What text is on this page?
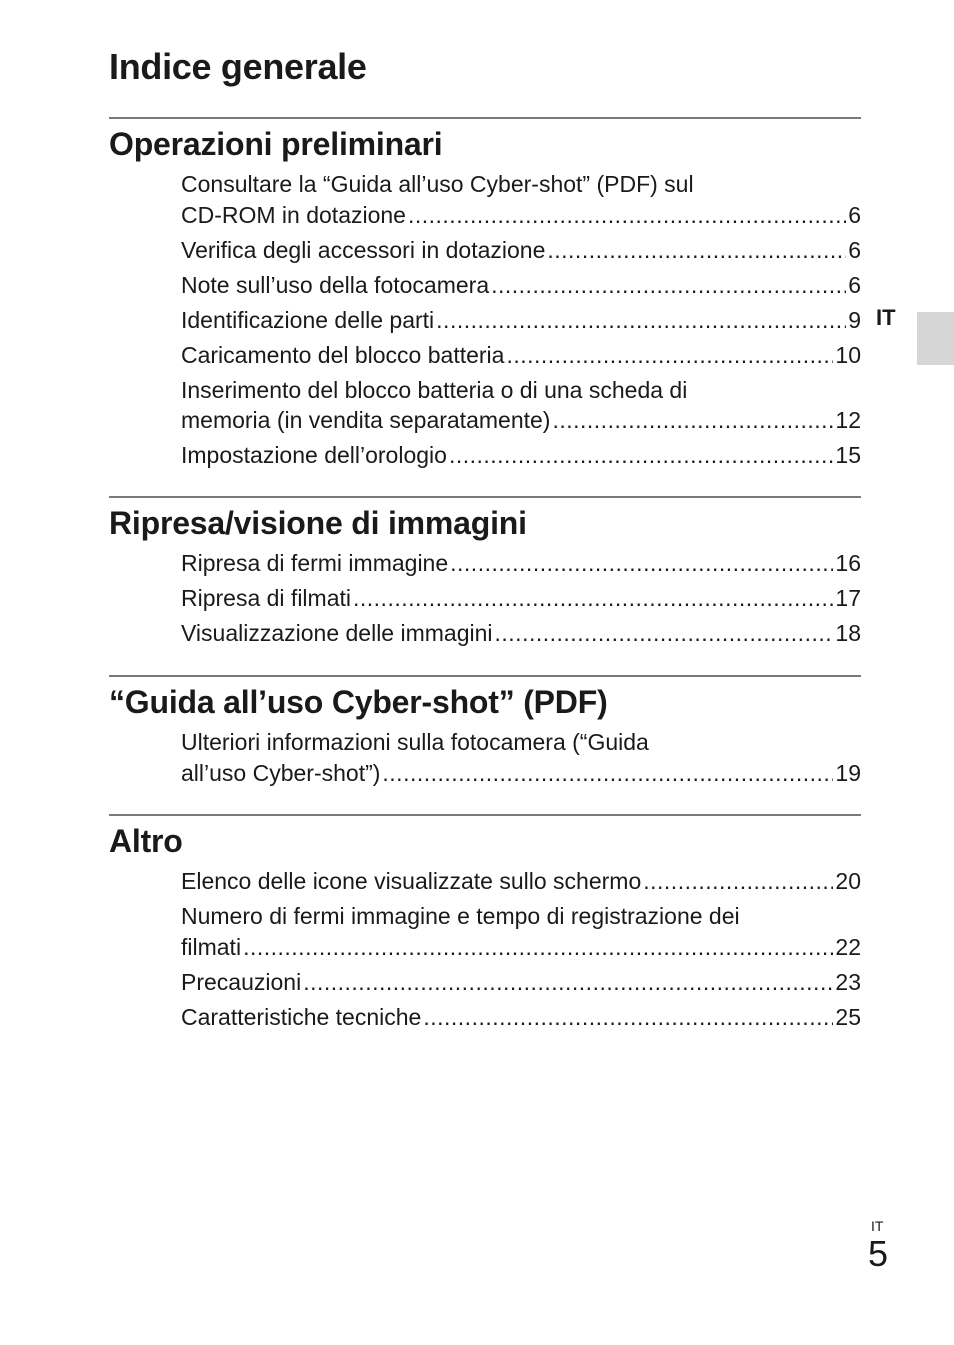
Indice generale
IT
Operazioni preliminari
Consultare la “Guida all’uso Cyber-shot” (PDF) sul
CD-ROM in dotazione .....	6
Verifica degli accessori in dotazione .....	6
Note sull’uso della fotocamera .....	6
Identificazione delle parti .....	9
Caricamento del blocco batteria .....	10
Inserimento del blocco batteria o di una scheda di
memoria (in vendita separatamente) .....	12
Impostazione dell’orologio .....	15
Ripresa/visione di immagini
Ripresa di fermi immagine .....	16
Ripresa di filmati .....	17
Visualizzazione delle immagini .....	18
“Guida all’uso Cyber-shot” (PDF)
Ulteriori informazioni sulla fotocamera (“Guida
all’uso Cyber-shot”) .....	19
Altro
Elenco delle icone visualizzate sullo schermo .....	20
Numero di fermi immagine e tempo di registrazione dei
filmati .....	22
Precauzioni .....	23
Caratteristiche tecniche .....	25
IT
5
